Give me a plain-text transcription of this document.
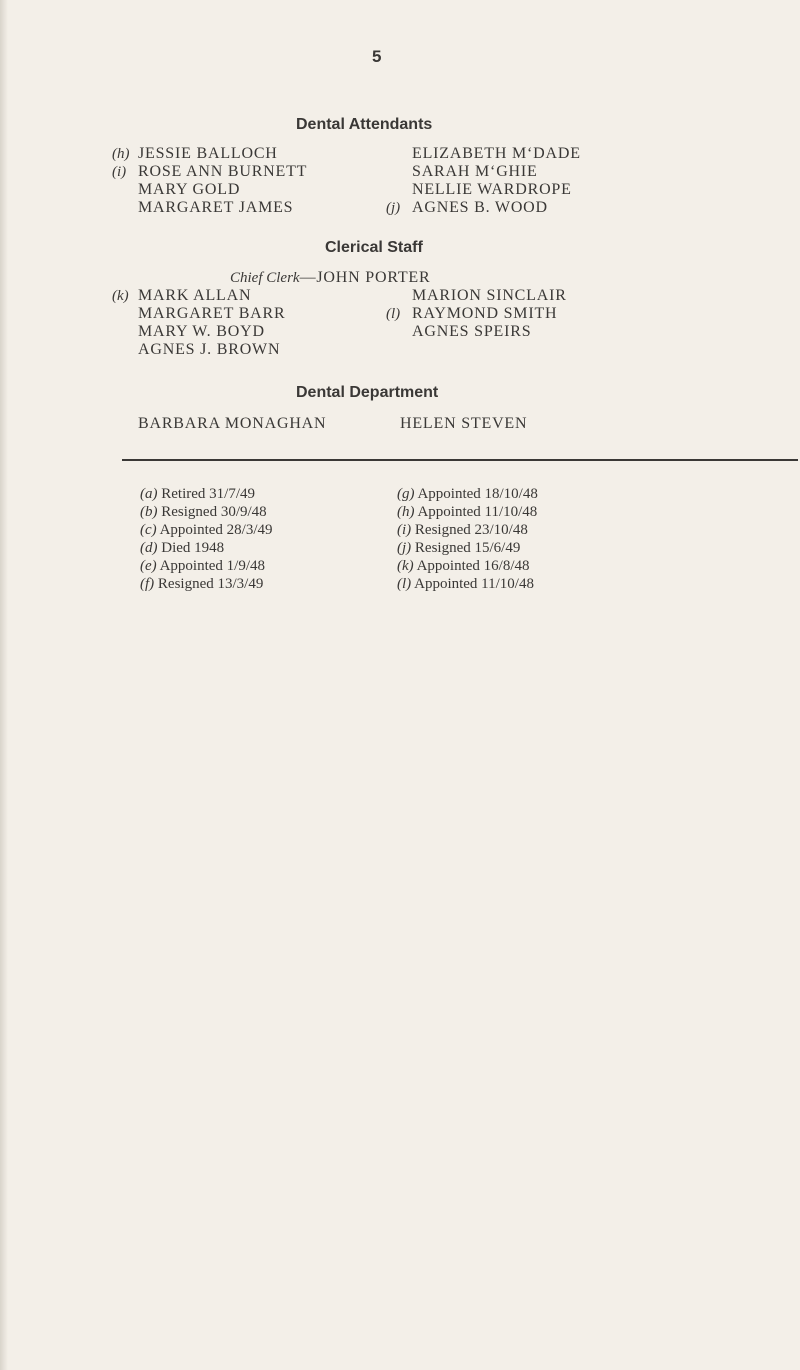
5
Dental Attendants
(h) JESSIE BALLOCH
(i) ROSE ANN BURNETT
MARY GOLD
MARGARET JAMES
ELIZABETH M‘DADE
SARAH M‘GHIE
NELLIE WARDROPE
(j) AGNES B. WOOD
Clerical Staff
Chief Clerk—JOHN PORTER
(k) MARK ALLAN
MARGARET BARR
MARY W. BOYD
AGNES J. BROWN
MARION SINCLAIR
(l) RAYMOND SMITH
AGNES SPEIRS
Dental Department
BARBARA MONAGHAN	HELEN STEVEN
(a) Retired 31/7/49
(b) Resigned 30/9/48
(c) Appointed 28/3/49
(d) Died 1948
(e) Appointed 1/9/48
(f) Resigned 13/3/49
(g) Appointed 18/10/48
(h) Appointed 11/10/48
(i) Resigned 23/10/48
(j) Resigned 15/6/49
(k) Appointed 16/8/48
(l) Appointed 11/10/48
